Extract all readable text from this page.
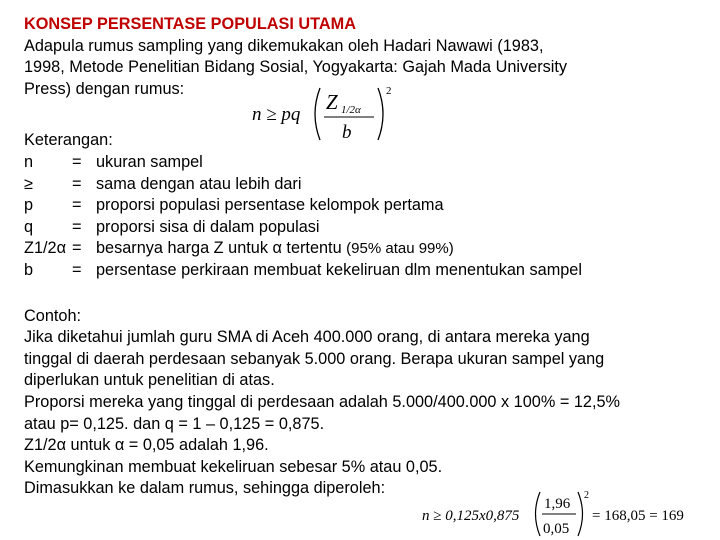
KONSEP PERSENTASE POPULASI UTAMA
Adapula rumus sampling yang dikemukakan oleh Hadari Nawawi (1983,
1998, Metode Penelitian Bidang Sosial, Yogyakarta: Gajah Mada University
Press) dengan rumus:
Keterangan:
n	= ukuran sampel
≥	= sama dengan atau lebih dari
p	= proporsi populasi persentase kelompok pertama
q	= proporsi sisa di dalam populasi
Z1/2α = besarnya harga Z untuk α tertentu
(95% atau 99%)
b	= persentase perkiraan membuat kekeliruan dlm menentukan sampel
Contoh:
Jika diketahui jumlah guru SMA di Aceh 400.000 orang, di antara mereka yang
tinggal di daerah perdesaan sebanyak 5.000 orang. Berapa ukuran sampel yang
diperlukan untuk penelitian di atas.
Proporsi mereka yang tinggal di perdesaan adalah 5.000/400.000 x 100% = 12,5%
atau p= 0,125. dan q = 1 – 0,125 = 0,875.
Z1/2α untuk α = 0,05 adalah 1,96.
Kemungkinan membuat kekeliruan sebesar 5% atau 0,05.
Dimasukkan ke dalam rumus, sehingga diperoleh:
n ≥ pq
Z 1/2α
b
2
n ≥ 0,125x0,875
1,96
0,05
2
= 168,05 = 169
